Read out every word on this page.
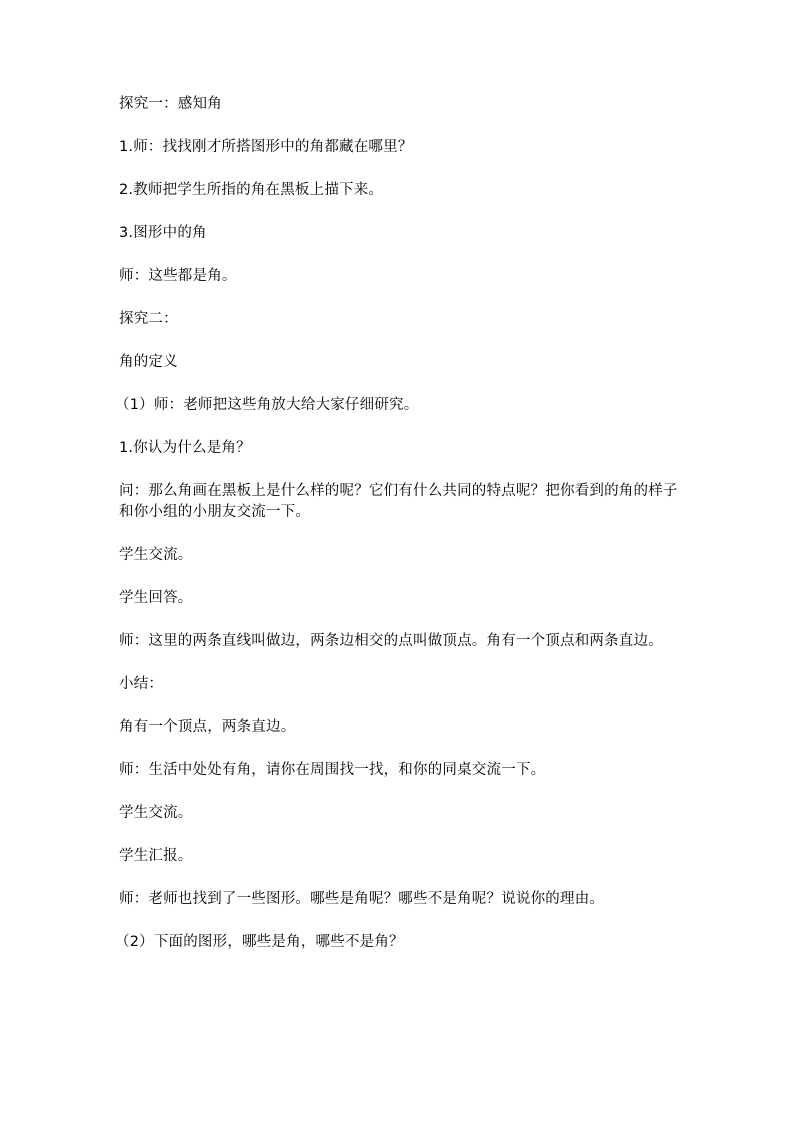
探究一：感知角

1.师：找找刚才所搭图形中的角都藏在哪里？

2.教师把学生所指的角在黑板上描下来。

3.图形中的角

师：这些都是角。

探究二：

角的定义

（1）师：老师把这些角放大给大家仔细研究。

1.你认为什么是角？

问：那么角画在黑板上是什么样的呢？它们有什么共同的特点呢？把你看到的角的样子和你小组的小朋友交流一下。

学生交流。

学生回答。

师：这里的两条直线叫做边，两条边相交的点叫做顶点。角有一个顶点和两条直边。

小结：

角有一个顶点，两条直边。

师：生活中处处有角，请你在周围找一找，和你的同桌交流一下。

学生交流。

学生汇报。

师：老师也找到了一些图形。哪些是角呢？哪些不是角呢？说说你的理由。

（2）下面的图形，哪些是角，哪些不是角？
